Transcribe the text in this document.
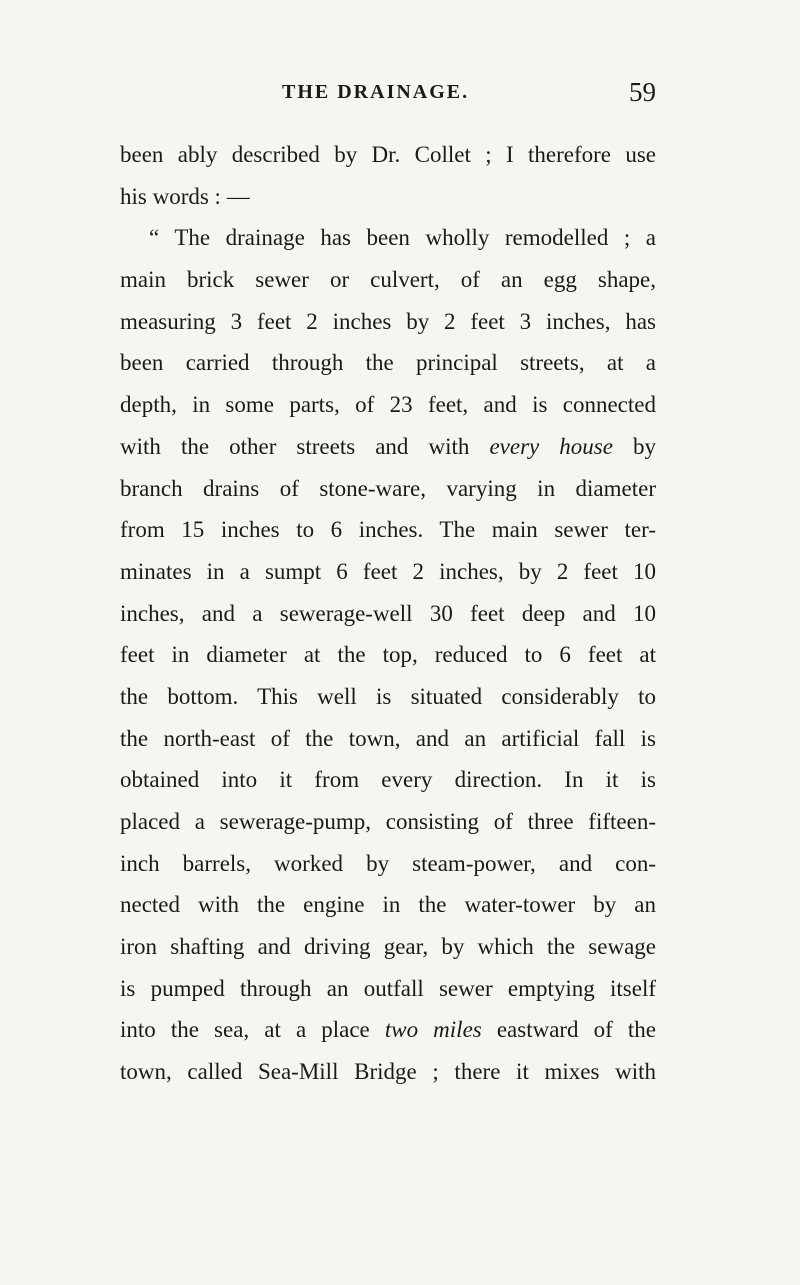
THE DRAINAGE.	59
been ably described by Dr. Collet ; I therefore use
his words : —
“ The drainage has been wholly remodelled ; a
main brick sewer or culvert, of an egg shape,
measuring 3 feet 2 inches by 2 feet 3 inches, has
been carried through the principal streets, at a
depth, in some parts, of 23 feet, and is connected
with the other streets and with every house by
branch drains of stone-ware, varying in diameter
from 15 inches to 6 inches. The main sewer ter-
minates in a sumpt 6 feet 2 inches, by 2 feet 10
inches, and a sewerage-well 30 feet deep and 10
feet in diameter at the top, reduced to 6 feet at
the bottom. This well is situated considerably to
the north-east of the town, and an artificial fall is
obtained into it from every direction. In it is
placed a sewerage-pump, consisting of three fifteen-
inch barrels, worked by steam-power, and con-
nected with the engine in the water-tower by an
iron shafting and driving gear, by which the sewage
is pumped through an outfall sewer emptying itself
into the sea, at a place two miles eastward of the
town, called Sea-Mill Bridge ; there it mixes with
